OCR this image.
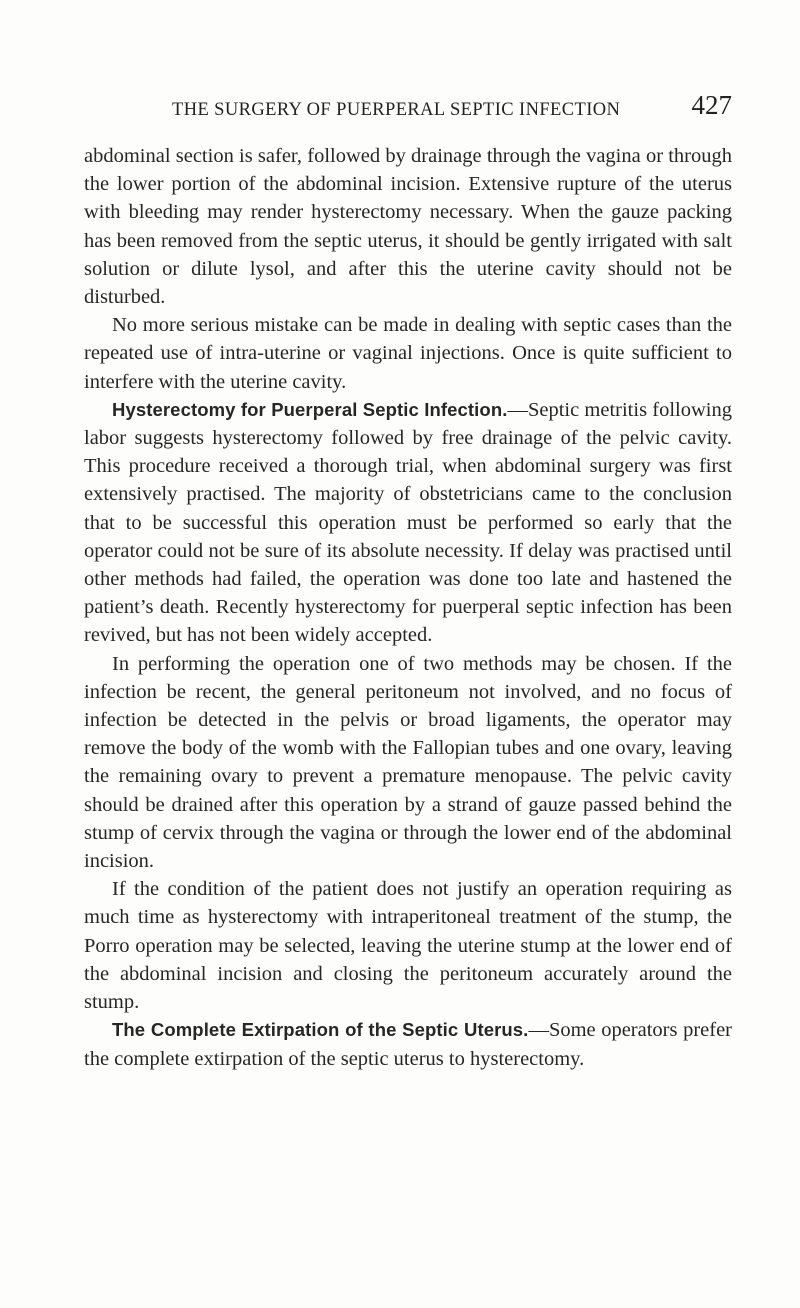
THE SURGERY OF PUERPERAL SEPTIC INFECTION	427

abdominal section is safer, followed by drainage through the vagina or through the lower portion of the abdominal incision. Extensive rupture of the uterus with bleeding may render hysterectomy necessary. When the gauze packing has been removed from the septic uterus, it should be gently irrigated with salt solution or dilute lysol, and after this the uterine cavity should not be disturbed.

No more serious mistake can be made in dealing with septic cases than the repeated use of intra-uterine or vaginal injections. Once is quite sufficient to interfere with the uterine cavity.

Hysterectomy for Puerperal Septic Infection.—Septic metritis following labor suggests hysterectomy followed by free drainage of the pelvic cavity. This procedure received a thorough trial, when abdominal surgery was first extensively practised. The majority of obstetricians came to the conclusion that to be successful this operation must be performed so early that the operator could not be sure of its absolute necessity. If delay was practised until other methods had failed, the operation was done too late and hastened the patient’s death. Recently hysterectomy for puerperal septic infection has been revived, but has not been widely accepted.

In performing the operation one of two methods may be chosen. If the infection be recent, the general peritoneum not involved, and no focus of infection be detected in the pelvis or broad ligaments, the operator may remove the body of the womb with the Fallopian tubes and one ovary, leaving the remaining ovary to prevent a premature menopause. The pelvic cavity should be drained after this operation by a strand of gauze passed behind the stump of cervix through the vagina or through the lower end of the abdominal incision.

If the condition of the patient does not justify an operation requiring as much time as hysterectomy with intraperitoneal treatment of the stump, the Porro operation may be selected, leaving the uterine stump at the lower end of the abdominal incision and closing the peritoneum accurately around the stump.

The Complete Extirpation of the Septic Uterus.—Some operators prefer the complete extirpation of the septic uterus to hysterectomy.
